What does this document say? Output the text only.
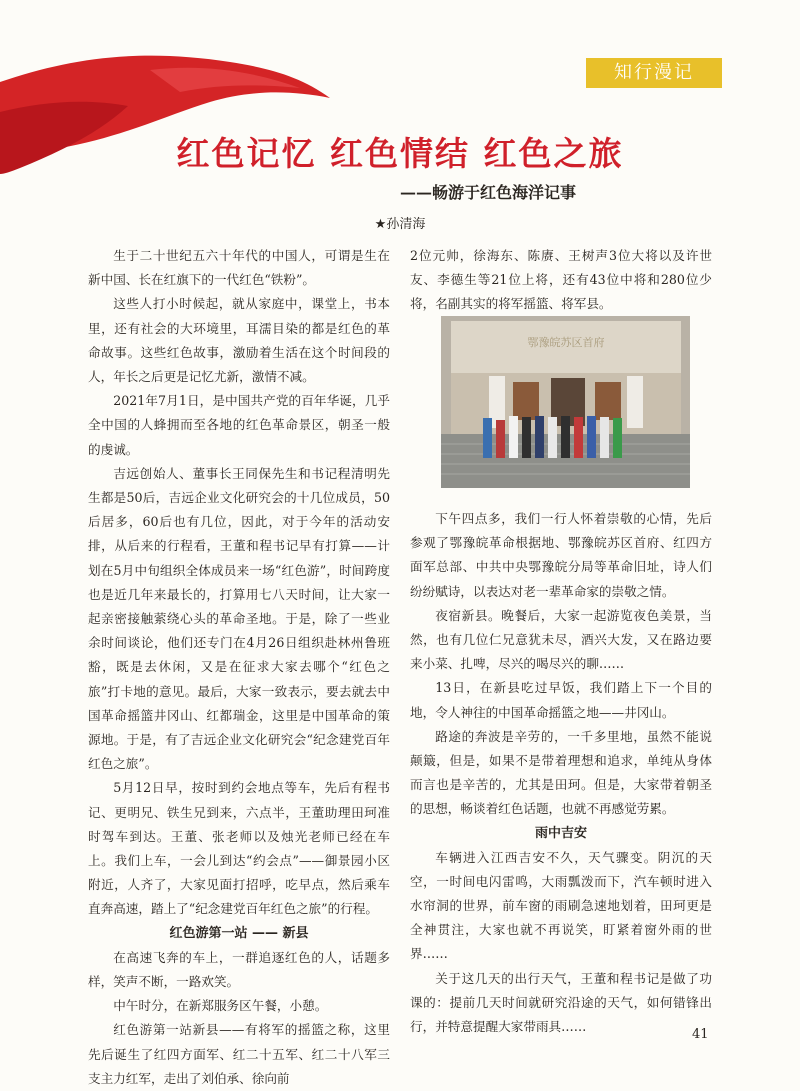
知行漫记
红色记忆 红色情结 红色之旅
——畅游于红色海洋记事
★孙清海

生于二十世纪五六十年代的中国人，可谓是生在新中国、长在红旗下的一代红色“铁粉”。

这些人打小时候起，就从家庭中，课堂上，书本里，还有社会的大环境里，耳濡目染的都是红色的革命故事。这些红色故事，激励着生活在这个时间段的人，年长之后更是记忆尤新，激情不减。

2021年7月1日，是中国共产党的百年华诞，几乎全中国的人蜂拥而至各地的红色革命景区，朝圣一般的虔诚。

吉远创始人、董事长王同保先生和书记程清明先生都是50后，吉远企业文化研究会的十几位成员，50后居多，60后也有几位，因此，对于今年的活动安排，从后来的行程看，王董和程书记早有打算——计划在5月中旬组织全体成员来一场“红色游”，时间跨度也是近几年来最长的，打算用七八天时间，让大家一起亲密接触萦绕心头的革命圣地。于是，除了一些业余时间谈论，他们还专门在4月26日组织赴林州鲁班豁，既是去休闲，又是在征求大家去哪个“红色之旅”打卡地的意见。最后，大家一致表示，要去就去中国革命摇篮井冈山、红都瑞金，这里是中国革命的策源地。于是，有了吉远企业文化研究会“纪念建党百年红色之旅”。

5月12日早，按时到约会地点等车，先后有程书记、更明兄、铁生兄到来，六点半，王董助理田珂准时驾车到达。王董、张老师以及烛光老师已经在车上。我们上车，一会儿到达“约会点”——御景园小区附近，人齐了，大家见面打招呼，吃早点，然后乘车直奔高速，踏上了“纪念建党百年红色之旅”的行程。

红色游第一站 —— 新县

在高速飞奔的车上，一群追逐红色的人，话题多样，笑声不断，一路欢笑。

中午时分，在新郑服务区午餐，小憩。

红色游第一站新县——有将军的摇篮之称，这里先后诞生了红四方面军、红二十五军、红二十八军三支主力红军，走出了刘伯承、徐向前

2位元帅，徐海东、陈赓、王树声3位大将以及许世友、李德生等21位上将，还有43位中将和280位少将，名副其实的将军摇篮、将军县。

鄂豫皖苏区首府

下午四点多，我们一行人怀着崇敬的心情，先后参观了鄂豫皖革命根据地、鄂豫皖苏区首府、红四方面军总部、中共中央鄂豫皖分局等革命旧址，诗人们纷纷赋诗，以表达对老一辈革命家的崇敬之情。

夜宿新县。晚餐后，大家一起游览夜色美景，当然，也有几位仁兄意犹未尽，酒兴大发，又在路边要来小菜、扎啤，尽兴的喝尽兴的聊……

13日，在新县吃过早饭，我们踏上下一个目的地，令人神往的中国革命摇篮之地——井冈山。

路途的奔波是辛劳的，一千多里地，虽然不能说颠簸，但是，如果不是带着理想和追求，单纯从身体而言也是辛苦的，尤其是田珂。但是，大家带着朝圣的思想，畅谈着红色话题，也就不再感觉劳累。

雨中吉安

车辆进入江西吉安不久，天气骤变。阴沉的天空，一时间电闪雷鸣，大雨瓢泼而下，汽车顿时进入水帘洞的世界，前车窗的雨刷急速地划着，田珂更是全神贯注，大家也就不再说笑，盯紧着窗外雨的世界……

关于这几天的出行天气，王董和程书记是做了功课的：提前几天时间就研究沿途的天气，如何错锋出行，并特意提醒大家带雨具……

41
